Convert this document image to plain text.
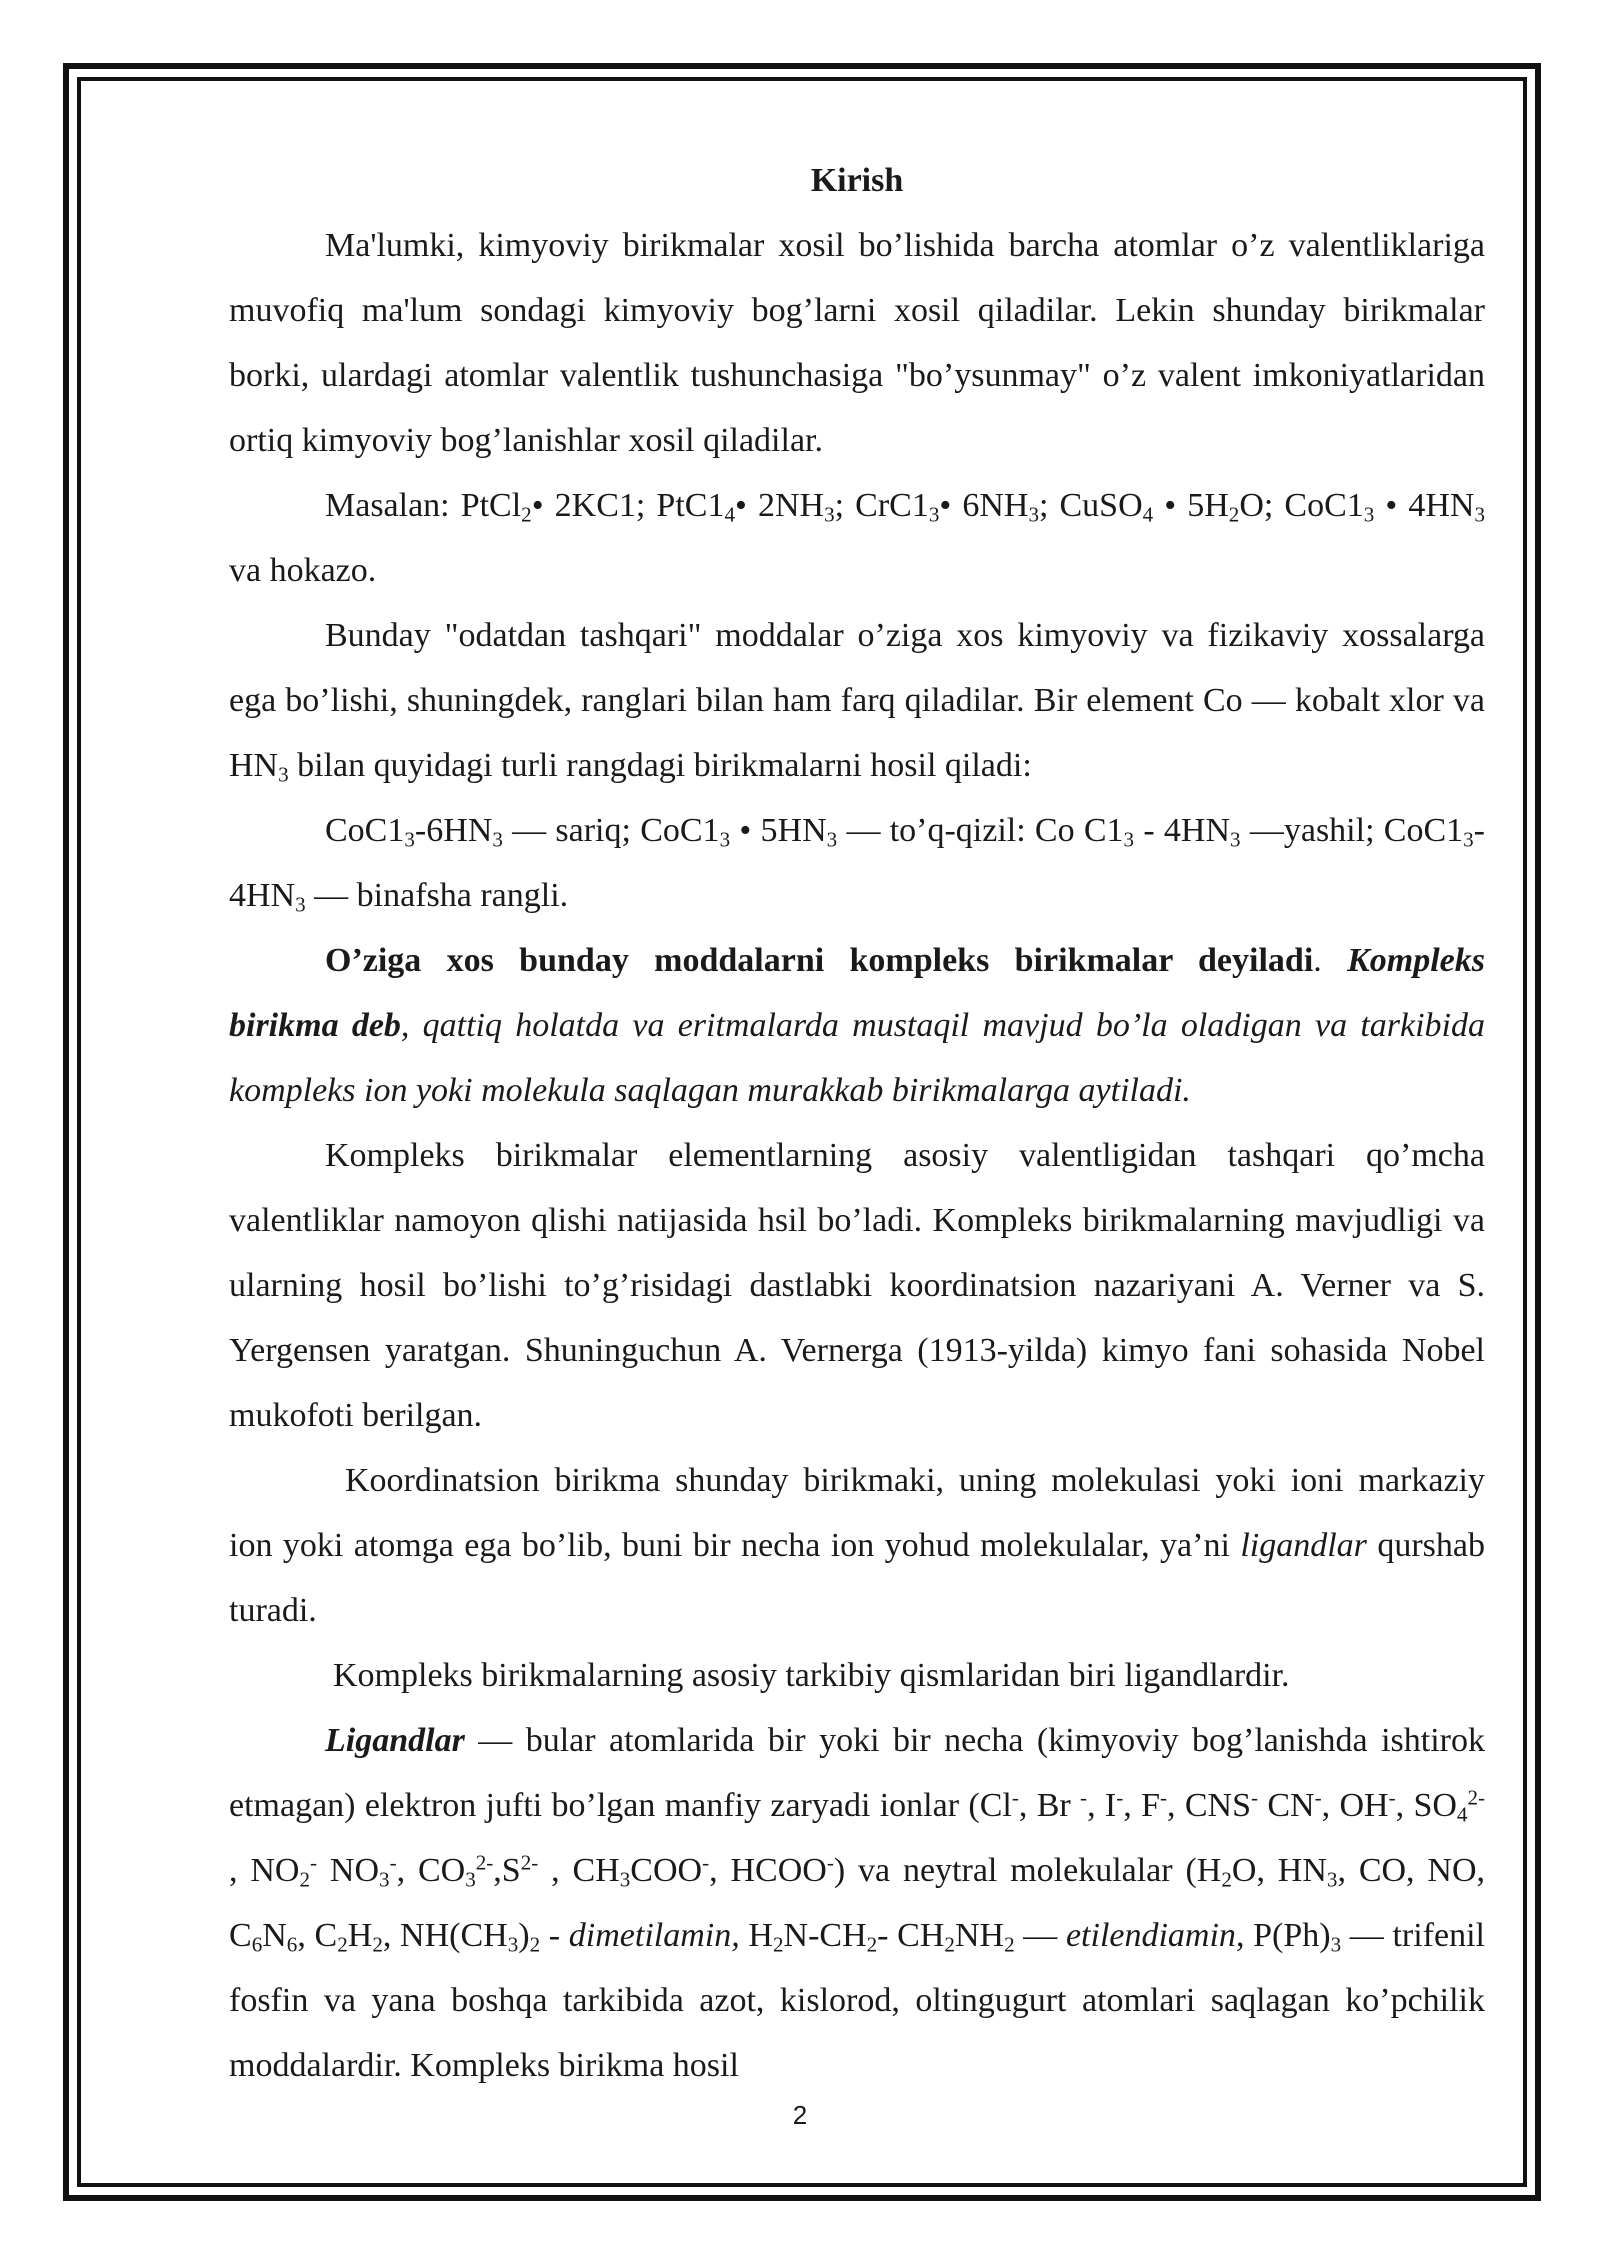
Kirish
Ma'lumki, kimyoviy birikmalar xosil bo’lishida barcha atomlar o’z valentliklariga muvofiq ma'lum sondagi kimyoviy bog’larni xosil qiladilar. Lekin shunday birikmalar borki, ulardagi atomlar valentlik tushunchasiga "bo’ysunmay" o’z valent imkoniyatlaridan ortiq kimyoviy bog’lanishlar xosil qiladilar.
Masalan: PtCl$_2$• 2KC1; $PtC1_4•$ $2NH_3$; $CrC1_3•$ $6NH_3$; CuSO$_4$ • $5H_2O$; $CoC1_3$ • $4HN_3$ va hokazo.
Bunday "odatdan tashqari" moddalar o’ziga xos kimyoviy va fizikaviy xossalarga ega bo’lishi, shuningdek, ranglari bilan ham farq qiladilar. Bir element Co — kobalt xlor va $HN_3$ bilan quyidagi turli rangdagi birikmalarni hosil qiladi:
$CoC1_3-6HN_3$ — sariq; $CoC1_3$ • $5HN_3$ — to’q-qizil: Co $C1_3 - 4HN_3$ —yashil; $CoC1_3-4HN_3$ — binafsha rangli.
O’ziga xos bunday moddalarni kompleks birikmalar deyiladi. Kompleks birikma deb, qattiq holatda va eritmalarda mustaqil mavjud bo’la oladigan va tarkibida kompleks ion yoki molekula saqlagan murakkab birikmalarga aytiladi.
Kompleks birikmalar elementlarning asosiy valentligidan tashqari qo’mcha valentliklar namoyon qlishi natijasida hsil bo’ladi. Kompleks birikmalarning mavjudligi va ularning hosil bo’lishi to’g’risidagi dastlabki koordinatsion nazariyani A. Verner va S. Yergensen yaratgan. Shuninguchun A. Vernerga (1913-yilda) kimyo fani sohasida Nobel mukofoti berilgan.
Koordinatsion birikma shunday birikmaki, uning molekulasi yoki ioni markaziy ion yoki atomga ega bo’lib, buni bir necha ion yohud molekulalar, ya’ni ligandlar qurshab turadi.
Kompleks birikmalarning asosiy tarkibiy qismlaridan biri ligandlardir.
Ligandlar — bular atomlarida bir yoki bir necha (kimyoviy bog’lanishda ishtirok etmagan) elektron jufti bo’lgan manfiy zaryadi ionlar (Cl-, Br -, I-, F-, CNS- CN-, OH-, $SO_4^{2-}$ , $NO_2^-$ $NO_3^-$, $CO_3^{2-},S^{2-}$ , $CH_3COO^-$, HCOO-) va neytral molekulalar ($H_2O$, $HN_3$, CO, NO, $C_6N_6$, $C_2H_2$, $NH(CH_3)_2$ - dimetilamin, $H_2N-CH_2-$ $CH_2NH_2$ — etilendiamin, $P(Ph)_3$ — trifenil fosfin va yana boshqa tarkibida azot, kislorod, oltingugurt atomlari saqlagan ko’pchilik moddalardir. Kompleks birikma hosil
2
